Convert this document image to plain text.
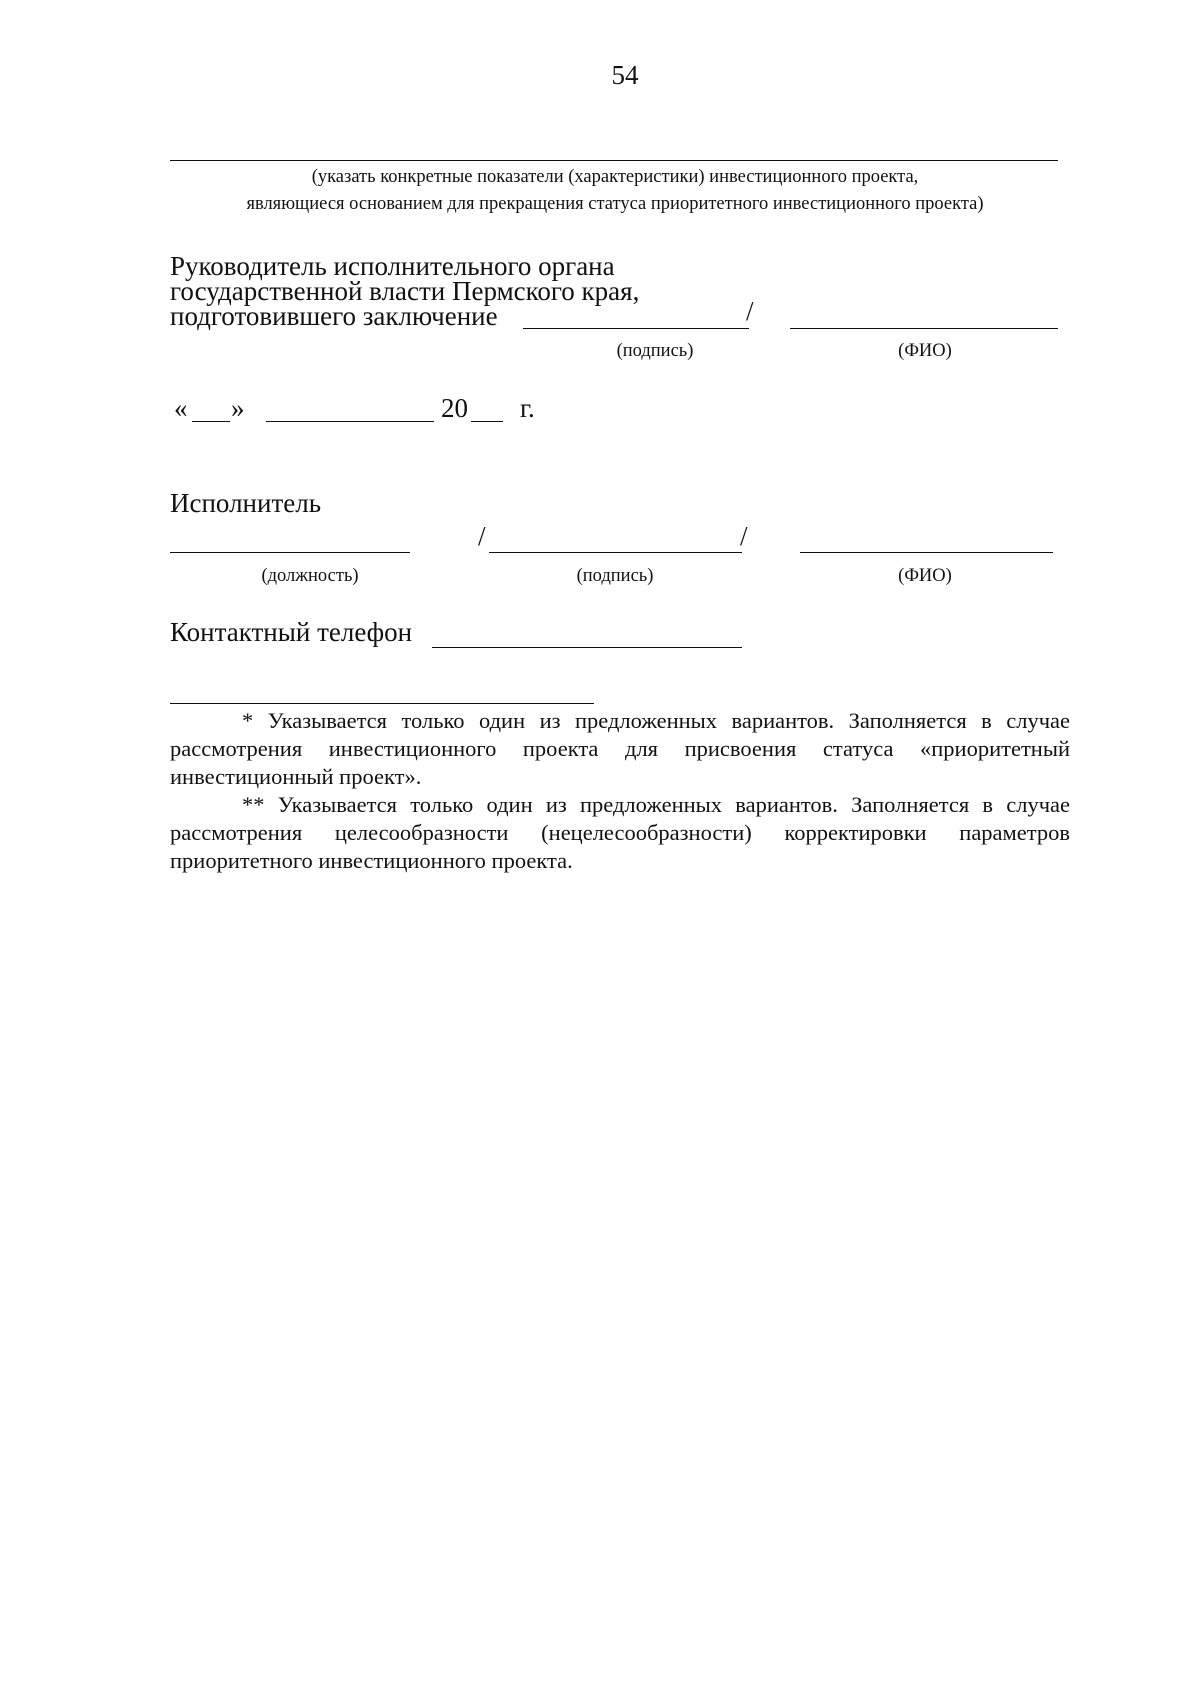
54
(указать конкретные показатели (характеристики) инвестиционного проекта,
являющиеся основанием для прекращения статуса приоритетного инвестиционного проекта)
Руководитель исполнительного органа
государственной власти Пермского края,
подготовившего заключение	/
(подпись)	(ФИО)
« »	20 г.
Исполнитель
/	/
(должность)	(подпись)	(ФИО)
Контактный телефон
* Указывается только один из предложенных вариантов. Заполняется в случае рассмотрения инвестиционного проекта для присвоения статуса «приоритетный инвестиционный проект».
** Указывается только один из предложенных вариантов. Заполняется в случае рассмотрения целесообразности (нецелесообразности) корректировки параметров приоритетного инвестиционного проекта.
